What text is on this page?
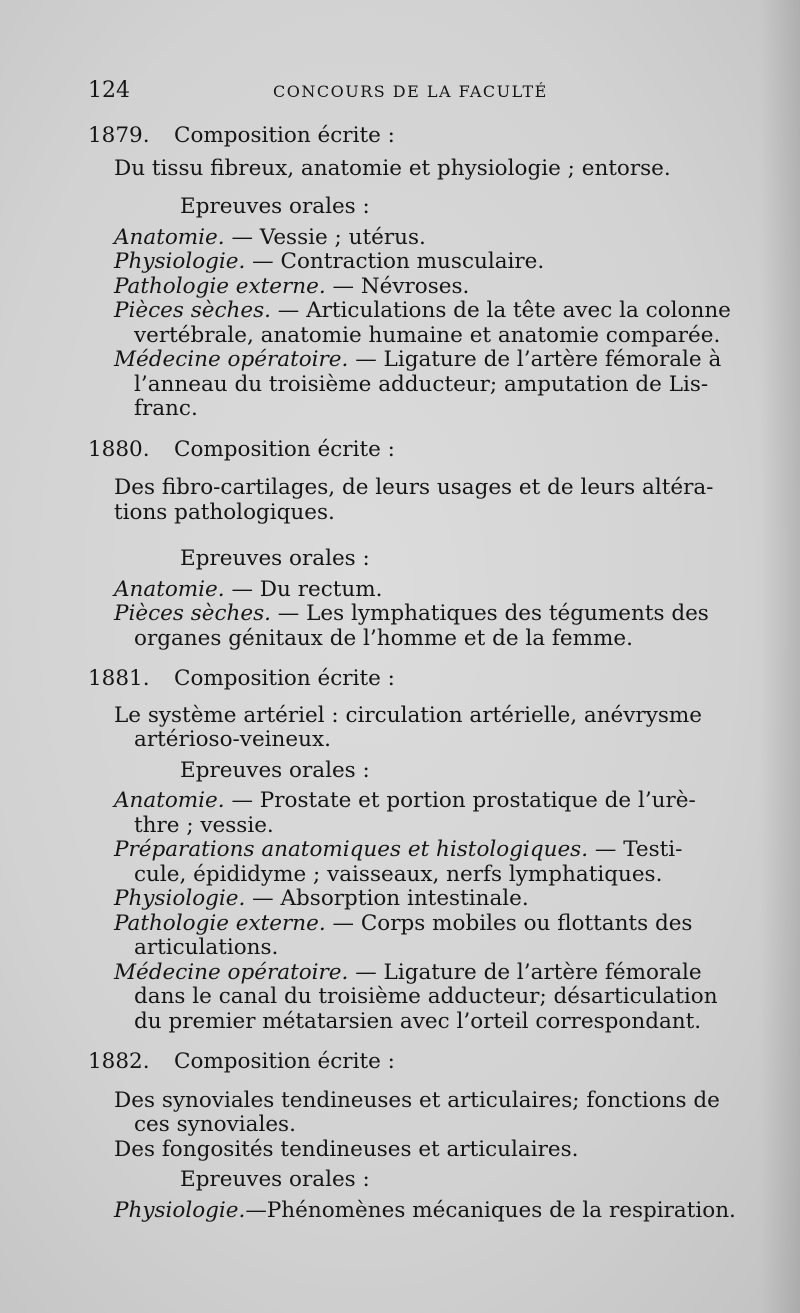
124	CONCOURS DE LA FACULTÉ
1879. Composition écrite :
Du tissu fibreux, anatomie et physiologie ; entorse.
Epreuves orales :

Anatomie. — Vessie ; utérus.

Physiologie. — Contraction musculaire.

Pathologie externe. — Névroses.

Pièces sèches. — Articulations de la tête avec la colonne
vertébrale, anatomie humaine et anatomie comparée.

Médecine opératoire. — Ligature de l’artère fémorale à
l’anneau du troisième adducteur; amputation de Lis-
franc.

1880. Composition écrite :
Des fibro-cartilages, de leurs usages et de leurs altéra-
tions pathologiques.
Epreuves orales :

Anatomie. — Du rectum.

Pièces sèches. — Les lymphatiques des téguments des
organes génitaux de l’homme et de la femme.

1881. Composition écrite :
Le système artériel : circulation artérielle, anévrysme
artérioso-veineux.
Epreuves orales :

Anatomie. — Prostate et portion prostatique de l’urè-
thre ; vessie.

Préparations anatomiques et histologiques. — Testi-
cule, épididyme ; vaisseaux, nerfs lymphatiques.

Physiologie. — Absorption intestinale.

Pathologie externe. — Corps mobiles ou flottants des
articulations.

Médecine opératoire. — Ligature de l’artère fémorale
dans le canal du troisième adducteur; désarticulation
du premier métatarsien avec l’orteil correspondant.

1882. Composition écrite :
Des synoviales tendineuses et articulaires; fonctions de
ces synoviales.
Des fongosités tendineuses et articulaires.
Epreuves orales :

Physiologie.—Phénomènes mécaniques de la respiration.
